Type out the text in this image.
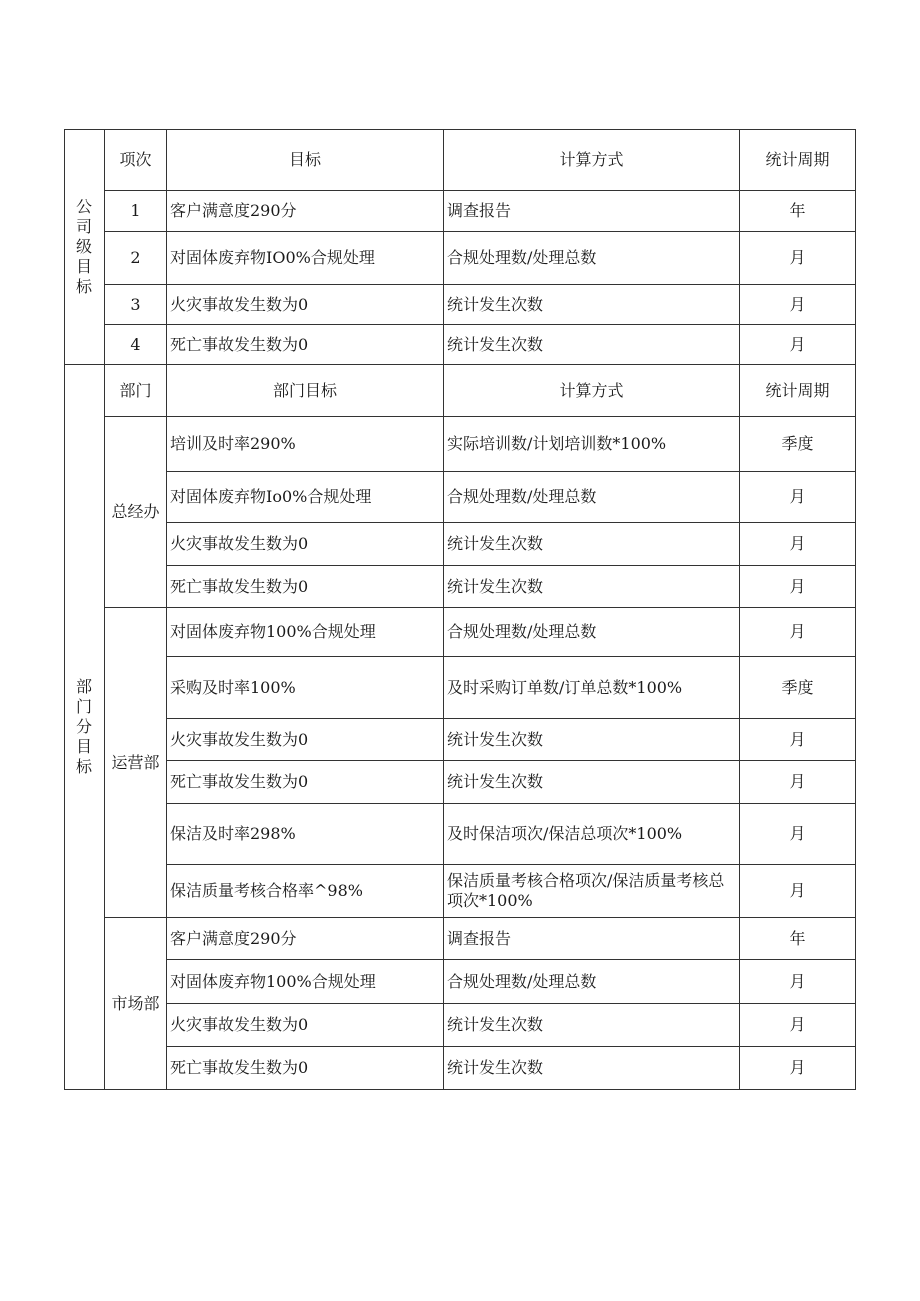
公司级目标	项次	目标	计算方式	统计周期
	1	客户满意度290分	调查报告	年
	2	对固体废弃物IO0%合规处理	合规处理数/处理总数	月
	3	火灾事故发生数为0	统计发生次数	月
	4	死亡事故发生数为0	统计发生次数	月
部门分目标	部门	部门目标	计算方式	统计周期
	总经办	培训及时率290%	实际培训数/计划培训数*100%	季度
		对固体废弃物Io0%合规处理	合规处理数/处理总数	月
		火灾事故发生数为0	统计发生次数	月
		死亡事故发生数为0	统计发生次数	月
	运营部	对固体废弃物100%合规处理	合规处理数/处理总数	月
		采购及时率100%	及时采购订单数/订单总数*100%	季度
		火灾事故发生数为0	统计发生次数	月
		死亡事故发生数为0	统计发生次数	月
		保洁及时率298%	及时保洁项次/保洁总项次*100%	月
		保洁质量考核合格率^98%	保洁质量考核合格项次/保洁质量考核总项次*100%	月
	市场部	客户满意度290分	调查报告	年
		对固体废弃物100%合规处理	合规处理数/处理总数	月
		火灾事故发生数为0	统计发生次数	月
		死亡事故发生数为0	统计发生次数	月
